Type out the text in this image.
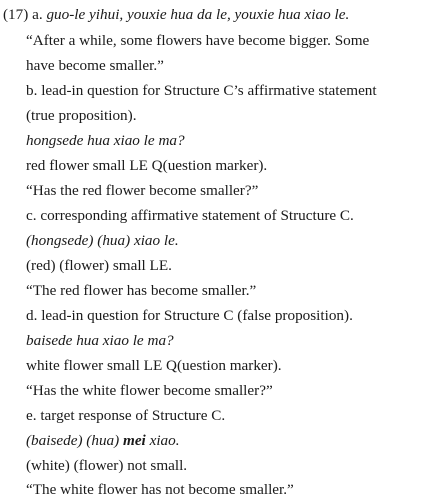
(17) a. guo-le yihui, youxie hua da le, youxie hua xiao le.
“After a while, some flowers have become bigger. Some
have become smaller.”
b. lead-in question for Structure C’s affirmative statement
(true proposition).
hongsede hua xiao le ma?
red flower small LE Q(uestion marker).
“Has the red flower become smaller?”
c. corresponding affirmative statement of Structure C.
(hongsede) (hua) xiao le.
(red) (flower) small LE.
“The red flower has become smaller.”
d. lead-in question for Structure C (false proposition).
baisede hua xiao le ma?
white flower small LE Q(uestion marker).
“Has the white flower become smaller?”
e. target response of Structure C.
(baisede) (hua) mei xiao.
(white) (flower) not small.
“The white flower has not become smaller.”
